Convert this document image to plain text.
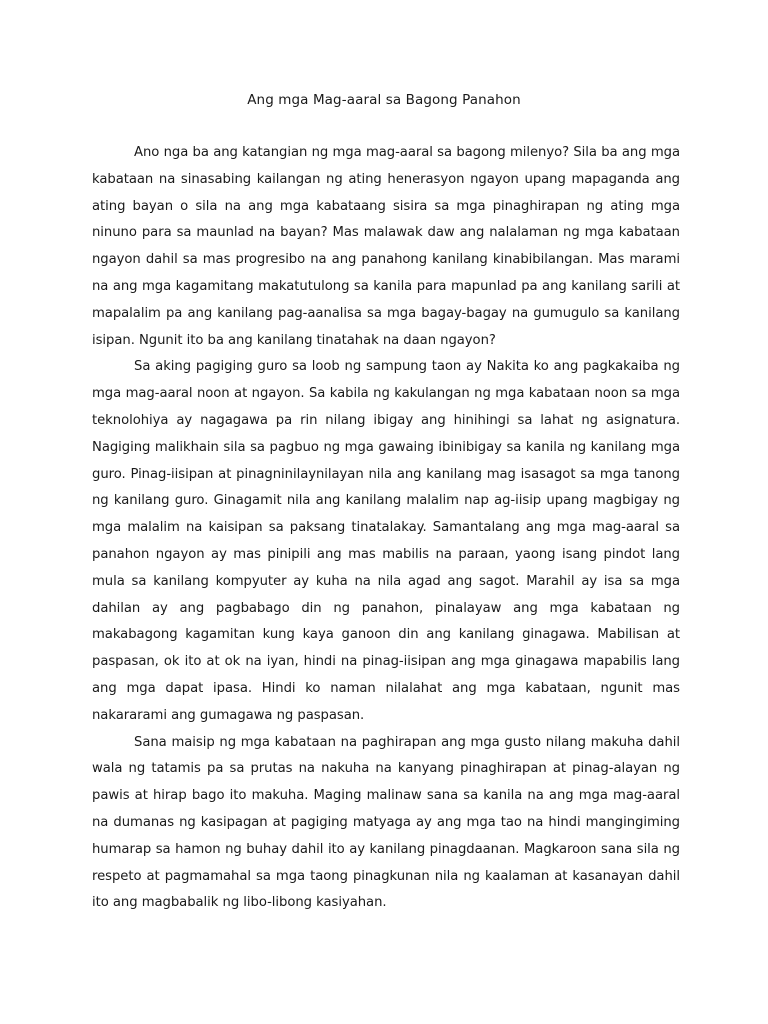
Ang mga Mag-aaral sa Bagong Panahon

Ano nga ba ang katangian ng mga mag-aaral sa bagong milenyo? Sila ba ang mga kabataan na sinasabing kailangan ng ating henerasyon ngayon upang mapaganda ang ating bayan o sila na ang mga kabataang sisira sa mga pinaghirapan ng ating mga ninuno para sa maunlad na bayan? Mas malawak daw ang nalalaman ng mga kabataan ngayon dahil sa mas progresibo na ang panahong kanilang kinabibilangan. Mas marami na ang mga kagamitang makatutulong sa kanila para mapunlad pa ang kanilang sarili at mapalalim pa ang kanilang pag-aanalisa sa mga bagay-bagay na gumugulo sa kanilang isipan. Ngunit ito ba ang kanilang tinatahak na daan ngayon?

Sa aking pagiging guro sa loob ng sampung taon ay Nakita ko ang pagkakaiba ng mga mag-aaral noon at ngayon. Sa kabila ng kakulangan ng mga kabataan noon sa mga teknolohiya ay nagagawa pa rin nilang ibigay ang hinihingi sa lahat ng asignatura. Nagiging malikhain sila sa pagbuo ng mga gawaing ibinibigay sa kanila ng kanilang mga guro. Pinag-iisipan at pinagninilaynilayan nila ang kanilang mag isasagot sa mga tanong ng kanilang guro. Ginagamit nila ang kanilang malalim nap ag-iisip upang magbigay ng mga malalim na kaisipan sa paksang tinatalakay. Samantalang ang mga mag-aaral sa panahon ngayon ay mas pinipili ang mas mabilis na paraan, yaong isang pindot lang mula sa kanilang kompyuter ay kuha na nila agad ang sagot. Marahil ay isa sa mga dahilan ay ang pagbabago din ng panahon, pinalayaw ang mga kabataan ng makabagong kagamitan kung kaya ganoon din ang kanilang ginagawa. Mabilisan at paspasan, ok ito at ok na iyan, hindi na pinag-iisipan ang mga ginagawa mapabilis lang ang mga dapat ipasa. Hindi ko naman nilalahat ang mga kabataan, ngunit mas nakararami ang gumagawa ng paspasan.

Sana maisip ng mga kabataan na paghirapan ang mga gusto nilang makuha dahil wala ng tatamis pa sa prutas na nakuha na kanyang pinaghirapan at pinag-alayan ng pawis at hirap bago ito makuha. Maging malinaw sana sa kanila na ang mga mag-aaral na dumanas ng kasipagan at pagiging matyaga ay ang mga tao na hindi mangingiming humarap sa hamon ng buhay dahil ito ay kanilang pinagdaanan. Magkaroon sana sila ng respeto at pagmamahal sa mga taong pinagkunan nila ng kaalaman at kasanayan dahil ito ang magbabalik ng libo-libong kasiyahan.
